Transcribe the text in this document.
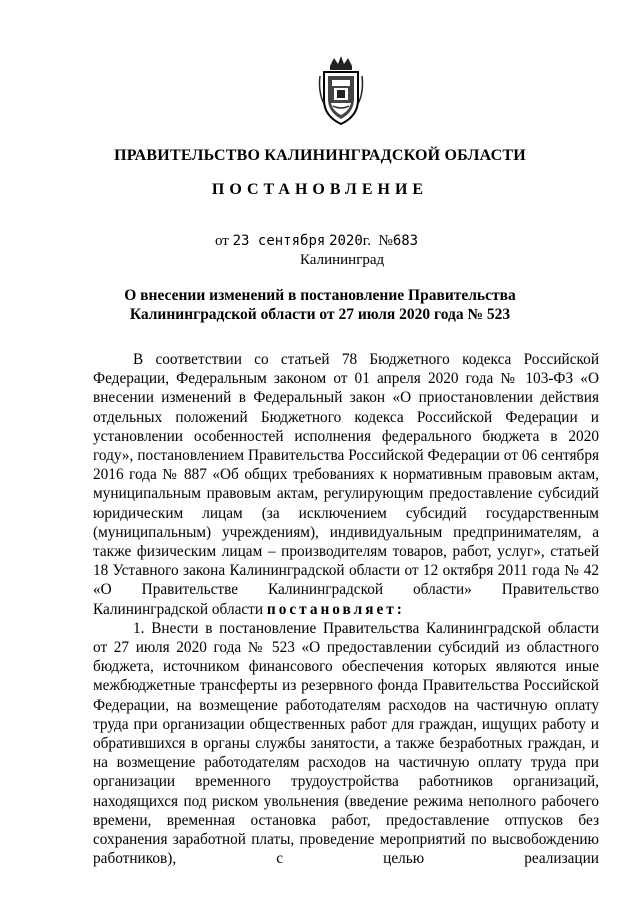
ПРАВИТЕЛЬСТВО КАЛИНИНГРАДСКОЙ ОБЛАСТИ
ПОСТАНОВЛЕНИЕ
от 23 сентября 2020г. №683
Калининград
О внесении изменений в постановление Правительства
Калининградской области от 27 июля 2020 года № 523

В соответствии со статьей 78 Бюджетного кодекса Российской Федерации, Федеральным законом от 01 апреля 2020 года № 103-ФЗ «О внесении изменений в Федеральный закон «О приостановлении действия отдельных положений Бюджетного кодекса Российской Федерации и установлении особенностей исполнения федерального бюджета в 2020 году», постановлением Правительства Российской Федерации от 06 сентября 2016 года № 887 «Об общих требованиях к нормативным правовым актам, муниципальным правовым актам, регулирующим предоставление субсидий юридическим лицам (за исключением субсидий государственным (муниципальным) учреждениям), индивидуальным предпринимателям, а также физическим лицам – производителям товаров, работ, услуг», статьей 18 Уставного закона Калининградской области от 12 октября 2011 года № 42 «О Правительстве Калининградской области» Правительство Калининградской области постановляет:

1. Внести в постановление Правительства Калининградской области от 27 июля 2020 года № 523 «О предоставлении субсидий из областного бюджета, источником финансового обеспечения которых являются иные межбюджетные трансферты из резервного фонда Правительства Российской Федерации, на возмещение работодателям расходов на частичную оплату труда при организации общественных работ для граждан, ищущих работу и обратившихся в органы службы занятости, а также безработных граждан, и на возмещение работодателям расходов на частичную оплату труда при организации временного трудоустройства работников организаций, находящихся под риском увольнения (введение режима неполного рабочего времени, временная остановка работ, предоставление отпусков без сохранения заработной платы, проведение мероприятий по высвобождению работников), с целью реализации
